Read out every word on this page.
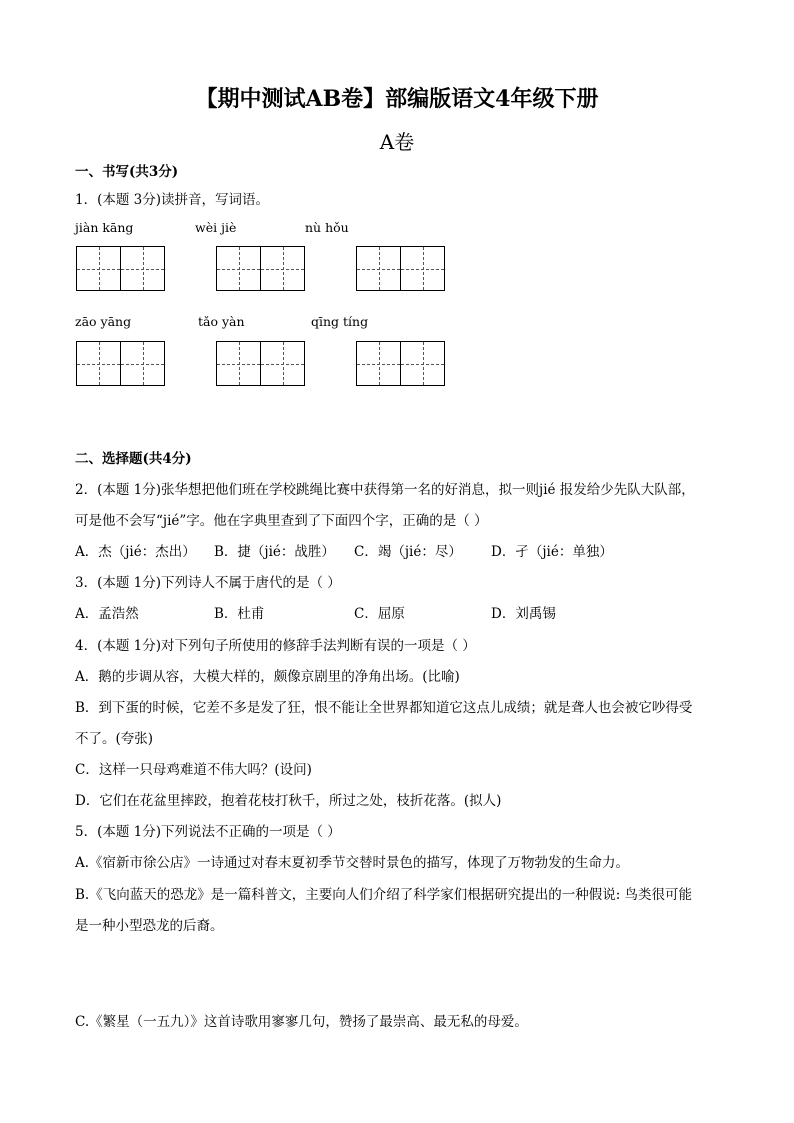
【期中测试AB卷】部编版语文4年级下册
A卷
一、书写(共3分)
1．(本题 3分)读拼音，写词语。
jiàn kāng	wèi jiè	nù hǒu
zāo yāng	tǎo yàn	qīng tíng
二、选择题(共4分)
2．(本题 1分)张华想把他们班在学校跳绳比赛中获得第一名的好消息，拟一则jié 报发给少先队大队部，
可是他不会写“jié”字。他在字典里查到了下面四个字，正确的是（ ）
A．杰（jié：杰出） B．捷（jié：战胜） C．竭（jié：尽） D．孑（jié：单独）
3．(本题 1分)下列诗人不属于唐代的是（ ）
A．孟浩然	B．杜甫	C．屈原	D．刘禹锡
4．(本题 1分)对下列句子所使用的修辞手法判断有误的一项是（ ）
A．鹅的步调从容，大模大样的，颇像京剧里的净角出场。(比喻)
B．到下蛋的时候，它差不多是发了狂，恨不能让全世界都知道它这点儿成绩；就是聋人也会被它吵得受
不了。(夸张)
C．这样一只母鸡难道不伟大吗？(设问)
D．它们在花盆里摔跤，抱着花枝打秋千，所过之处，枝折花落。(拟人)
5．(本题 1分)下列说法不正确的一项是（ ）
A.《宿新市徐公店》一诗通过对春末夏初季节交替时景色的描写，体现了万物勃发的生命力。
B.《飞向蓝天的恐龙》是一篇科普文，主要向人们介绍了科学家们根据研究提出的一种假说: 鸟类很可能
是一种小型恐龙的后裔。
C.《繁星（一五九）》这首诗歌用寥寥几句，赞扬了最崇高、最无私的母爱。
